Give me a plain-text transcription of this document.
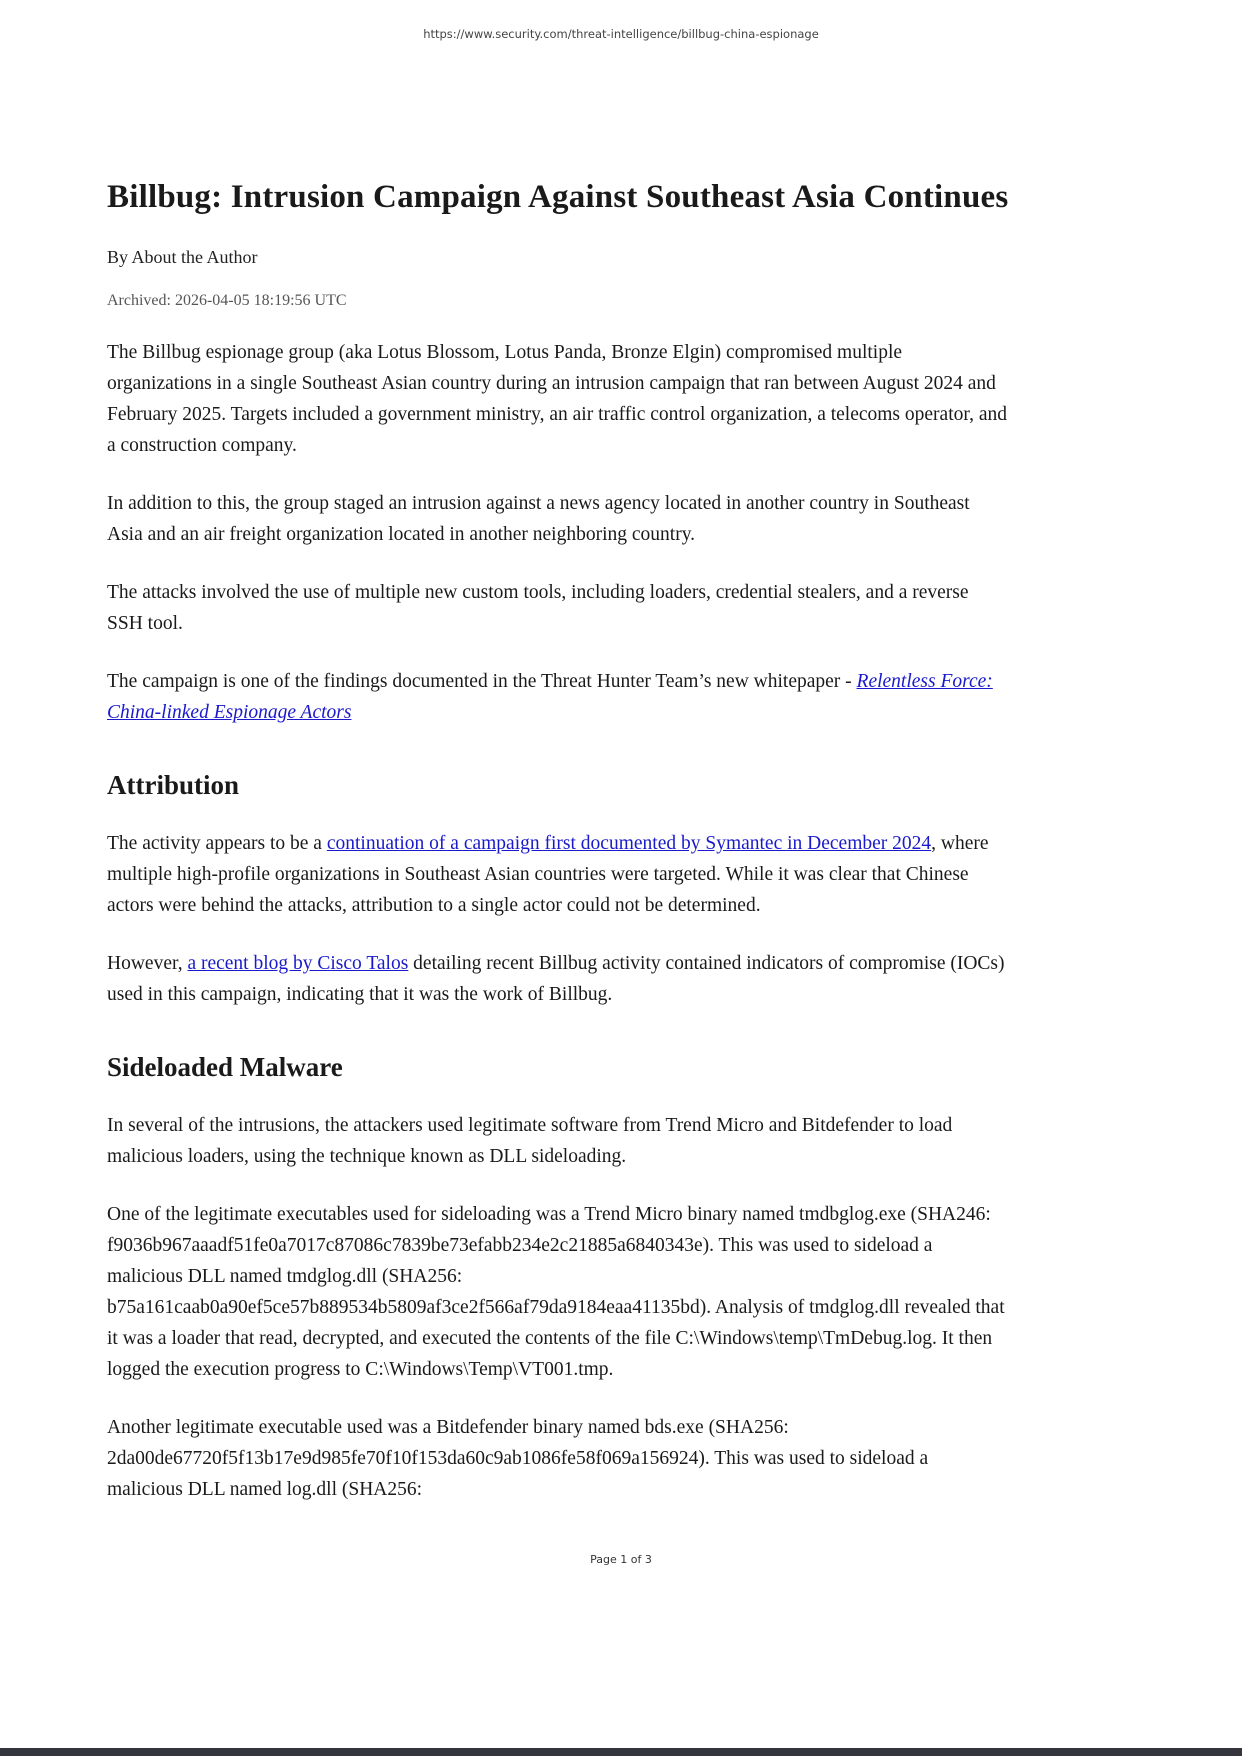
https://www.security.com/threat-intelligence/billbug-china-espionage
Billbug: Intrusion Campaign Against Southeast Asia Continues

By About the Author

Archived: 2026-04-05 18:19:56 UTC

The Billbug espionage group (aka Lotus Blossom, Lotus Panda, Bronze Elgin) compromised multiple organizations in a single Southeast Asian country during an intrusion campaign that ran between August 2024 and February 2025. Targets included a government ministry, an air traffic control organization, a telecoms operator, and a construction company.

In addition to this, the group staged an intrusion against a news agency located in another country in Southeast Asia and an air freight organization located in another neighboring country.

The attacks involved the use of multiple new custom tools, including loaders, credential stealers, and a reverse SSH tool.

The campaign is one of the findings documented in the Threat Hunter Team’s new whitepaper - Relentless Force: China-linked Espionage Actors

Attribution

The activity appears to be a continuation of a campaign first documented by Symantec in December 2024, where multiple high-profile organizations in Southeast Asian countries were targeted. While it was clear that Chinese actors were behind the attacks, attribution to a single actor could not be determined.

However, a recent blog by Cisco Talos detailing recent Billbug activity contained indicators of compromise (IOCs) used in this campaign, indicating that it was the work of Billbug.

Sideloaded Malware

In several of the intrusions, the attackers used legitimate software from Trend Micro and Bitdefender to load malicious loaders, using the technique known as DLL sideloading.

One of the legitimate executables used for sideloading was a Trend Micro binary named tmdbglog.exe (SHA246: f9036b967aaadf51fe0a7017c87086c7839be73efabb234e2c21885a6840343e). This was used to sideload a malicious DLL named tmdglog.dll (SHA256: b75a161caab0a90ef5ce57b889534b5809af3ce2f566af79da9184eaa41135bd). Analysis of tmdglog.dll revealed that it was a loader that read, decrypted, and executed the contents of the file C:\Windows\temp\TmDebug.log. It then logged the execution progress to C:\Windows\Temp\VT001.tmp.

Another legitimate executable used was a Bitdefender binary named bds.exe (SHA256: 2da00de67720f5f13b17e9d985fe70f10f153da60c9ab1086fe58f069a156924). This was used to sideload a malicious DLL named log.dll (SHA256:

Page 1 of 3
